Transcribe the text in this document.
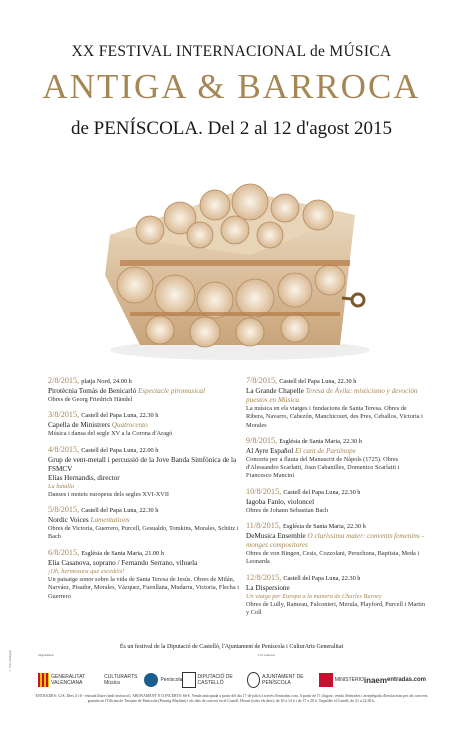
XX FESTIVAL INTERNACIONAL de MÚSICA
ANTIGA & BARROCA
de PENÍSCOLA. Del 2 al 12 d'agost 2015
2/8/2015, platja Nord, 24.00 h
Pirotècnia Tomás de Benicarló Espectacle piromusical
Obres de Georg Friedrich Händel
3/8/2015, Castell del Papa Luna, 22.30 h
Capella de Ministrers Quatrocento
Música i dansa del segle XV a la Corona d'Aragó
4/8/2015, Castell del Papa Luna, 22.00 h
Grup de vent-metall i percussió de la Jove Banda Simfònica de la FSMCV
Elías Hernandis, director
La batalla
Danses i motets europeus dels segles XVI-XVII
5/8/2015, Castell del Papa Luna, 22.30 h
Nordic Voices Lamentations
Obres de Victoria, Guerrero, Purcell, Gesualdo, Tomkins, Morales, Schütz i Bach
6/8/2015, Església de Santa Maria, 21.00 h
Elia Casanova, soprano / Fernando Serrano, vihuela
¡Oh, hermosura que excedéis!
Un paisatge sonor sobre la vida de Santa Teresa de Jesús. Obres de Milán, Narváez, Pisador, Morales, Vázquez, Fuenllana, Mudarra, Victoria, Flecha i Guerrero
7/8/2015, Castell del Papa Luna, 22.30 h
La Grande Chapelle Teresa de Ávila: misticismo y devoción puestos en Música
La música en els viatges i fundacions de Santa Teresa. Obres de Ribera, Navarro, Cabezón, Manchicourt, des Pres, Ceballos, Victoria i Morales
9/8/2015, Església de Santa Maria, 22.30 h
Al Ayre Español El cant de Parténope
Concerts per a flauta del Manuscrit de Nàpols (1725). Obres d'Alessandro Scarlatti, Joan Cabanilles, Domenico Scarlatti i Francesco Mancini
10/8/2015, Castell del Papa Luna, 22.30 h
Iagoba Fanlo, violoncel
Obres de Johann Sebastian Bach
11/8/2015, Església de Santa Maria, 22.30 h
DeMusica Ensemble O clarissima mater: convents femenins - monges compositores
Obres de von Bingen, Cesis, Cozzolani, Peruchona, Baptista, Meda i Leonarda
12/8/2015, Castell del Papa Luna, 22.30 h
La Dispersione
Un viatge per Europa a la manera de Charles Burney
Obres de Lully, Rameau, Falconieri, Merula, Playford, Purcell i Martin y Coll
És un festival de la Diputació de Castelló, l'Ajuntament de Peníscola i CulturArts Generalitat
Organitzen	Col·laboren
GENERALITAT VALENCIANA
CULTURARTS Música	Peníscola	DIPUTACIÓ DE CASTELLÓ
AJUNTAMENT DE PENÍSCOLA	MINISTERIO inaem entradas.com
ENTRADES: 12 €. Dies 4 i 6 - entrada lliure (amb invitació). ABONAMENT 8 CONCERTS: 66 €. Venda anticipada a partir del dia 17 de juliol a través d'entradas.com. A partir de l'1 d'agost, venda d'entrades i arreplegada d'invitacions per als concerts gratuïts en l'Oficina de Turisme de Peníscola (Passeig Marítim) i els dies de concert en el Castell. Horari (totes els dies): de 10 a 14 h i de 17 a 20 h. Taquilles el Castell, de 21 a 22.30 h.
© Foto: Bodegón
